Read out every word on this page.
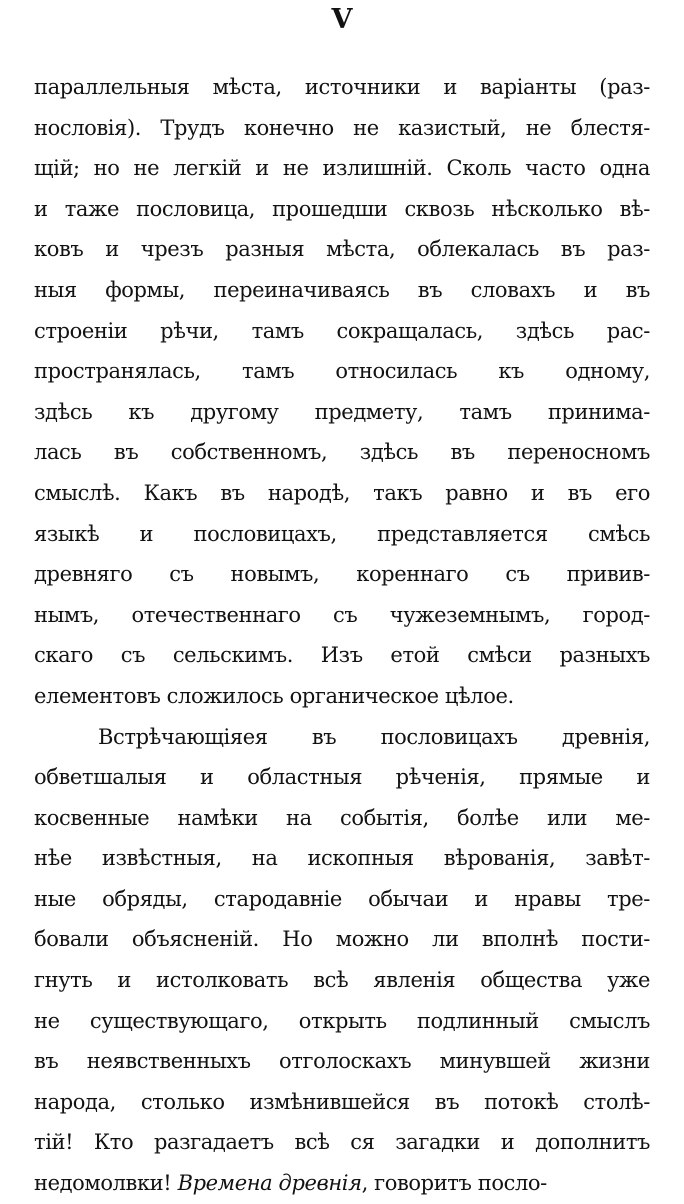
V
параллельныя мѣста, источники и варіанты (раз-
нословія). Трудъ конечно не казистый, не блестя-
щій; но не легкій и не излишній. Сколь часто одна
и таже пословица, прошедши сквозь нѣсколько вѣ-
ковъ и чрезъ разныя мѣста, облекалась въ раз-
ныя формы, переиначиваясь въ словахъ и въ
строеніи рѣчи, тамъ сокращалась, здѣсь рас-
пространялась, тамъ относилась къ одному,
здѣсь къ другому предмету, тамъ принима-
лась въ собственномъ, здѣсь въ переносномъ
смыслѣ. Какъ въ народѣ, такъ равно и въ его
языкѣ и пословицахъ, представляется смѣсь
древняго съ новымъ, кореннаго съ привив-
нымъ, отечественнаго съ чужеземнымъ, город-
скаго съ сельскимъ. Изъ етой смѣси разныхъ
елементовъ сложилось органическое цѣлое.
Встрѣчающіяея въ пословицахъ древнія,
обветшалыя и областныя рѣченія, прямые и
косвенные намѣки на событія, болѣе или ме-
нѣе извѣстныя, на ископныя вѣрованія, завѣт-
ные обряды, стародавніе обычаи и нравы тре-
бовали объясненій. Но можно ли вполнѣ пости-
гнуть и истолковать всѣ явленія общества уже
не существующаго, открыть подлинный смыслъ
въ неявственныхъ отголоскахъ минувшей жизни
народа, столько измѣнившейся въ потокѣ столѣ-
тій! Кто разгадаетъ всѣ ся загадки и дополнитъ
недомолвки! Времена древнія, говоритъ посло-
